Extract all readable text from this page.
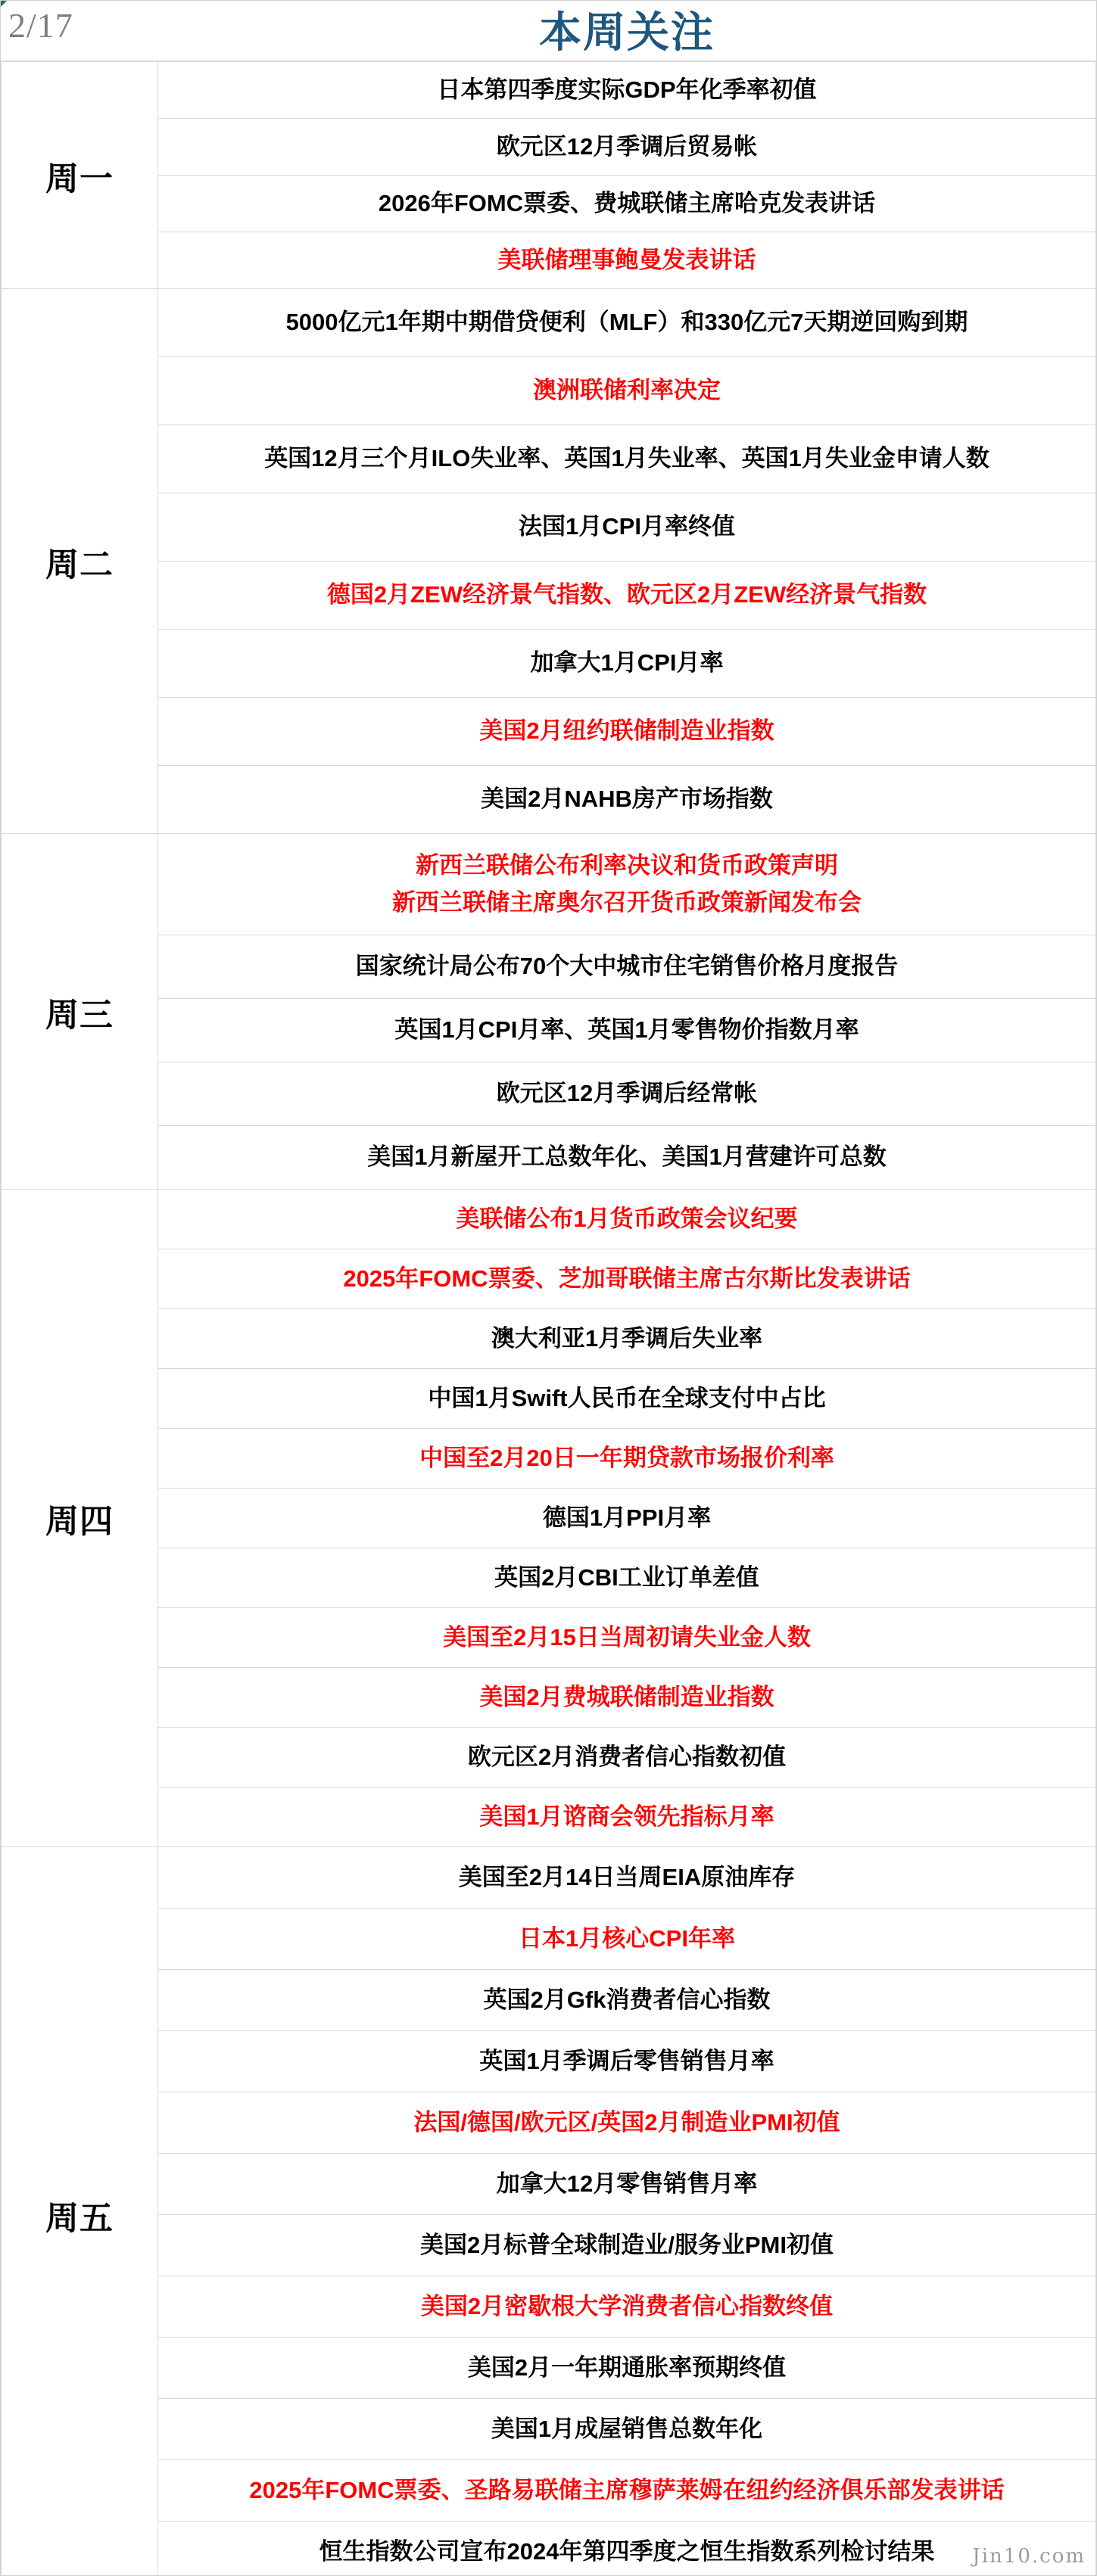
2/17	本周关注
周一	日本第四季度实际GDP年化季率初值
	欧元区12月季调后贸易帐
	2026年FOMC票委、费城联储主席哈克发表讲话
	美联储理事鲍曼发表讲话
周二	5000亿元1年期中期借贷便利（MLF）和330亿元7天期逆回购到期
	澳洲联储利率决定
	英国12月三个月ILO失业率、英国1月失业率、英国1月失业金申请人数
	法国1月CPI月率终值
	德国2月ZEW经济景气指数、欧元区2月ZEW经济景气指数
	加拿大1月CPI月率
	美国2月纽约联储制造业指数
	美国2月NAHB房产市场指数
周三	新西兰联储公布利率决议和货币政策声明
新西兰联储主席奥尔召开货币政策新闻发布会
	国家统计局公布70个大中城市住宅销售价格月度报告
	英国1月CPI月率、英国1月零售物价指数月率
	欧元区12月季调后经常帐
	美国1月新屋开工总数年化、美国1月营建许可总数
周四	美联储公布1月货币政策会议纪要
	2025年FOMC票委、芝加哥联储主席古尔斯比发表讲话
	澳大利亚1月季调后失业率
	中国1月Swift人民币在全球支付中占比
	中国至2月20日一年期贷款市场报价利率
	德国1月PPI月率
	英国2月CBI工业订单差值
	美国至2月15日当周初请失业金人数
	美国2月费城联储制造业指数
	欧元区2月消费者信心指数初值
	美国1月谘商会领先指标月率
周五	美国至2月14日当周EIA原油库存
	日本1月核心CPI年率
	英国2月Gfk消费者信心指数
	英国1月季调后零售销售月率
	法国/德国/欧元区/英国2月制造业PMI初值
	加拿大12月零售销售月率
	美国2月标普全球制造业/服务业PMI初值
	美国2月密歇根大学消费者信心指数终值
	美国2月一年期通胀率预期终值
	美国1月成屋销售总数年化
	2025年FOMC票委、圣路易联储主席穆萨莱姆在纽约经济俱乐部发表讲话
	恒生指数公司宣布2024年第四季度之恒生指数系列检讨结果 Jin10.com
